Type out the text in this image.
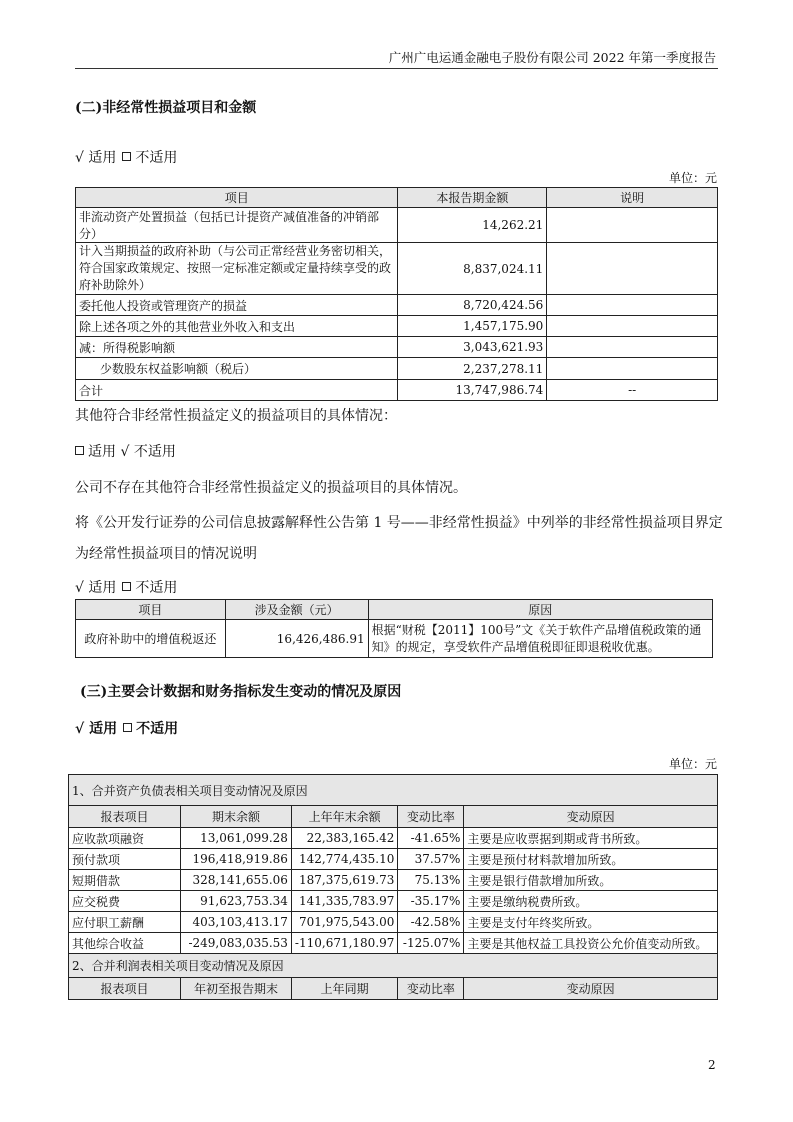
广州广电运通金融电子股份有限公司 2022 年第一季度报告
(二)非经常性损益项目和金额
√ 适用 不适用
单位：元
项目	本报告期金额	说明
非流动资产处置损益（包括已计提资产减值准备的冲销部分）	14,262.21	
计入当期损益的政府补助（与公司正常经营业务密切相关，符合国家政策规定、按照一定标准定额或定量持续享受的政府补助除外）	8,837,024.11	
委托他人投资或管理资产的损益	8,720,424.56	
除上述各项之外的其他营业外收入和支出	1,457,175.90	
减：所得税影响额	3,043,621.93	
少数股东权益影响额（税后）	2,237,278.11	
合计	13,747,986.74	--
其他符合非经常性损益定义的损益项目的具体情况：
适用 √ 不适用
公司不存在其他符合非经常性损益定义的损益项目的具体情况。
将《公开发行证券的公司信息披露解释性公告第 1 号——非经常性损益》中列举的非经常性损益项目界定
为经常性损益项目的情况说明
√ 适用 不适用
项目	涉及金额（元）	原因
政府补助中的增值税返还	16,426,486.91	根据“财税【2011】100号”文《关于软件产品增值税政策的通知》的规定，享受软件产品增值税即征即退税收优惠。
(三)主要会计数据和财务指标发生变动的情况及原因
√ 适用 不适用
单位：元
1、合并资产负债表相关项目变动情况及原因				
报表项目	期末余额	上年年末余额	变动比率	变动原因
应收款项融资	13,061,099.28	22,383,165.42	-41.65%	主要是应收票据到期或背书所致。
预付款项	196,418,919.86	142,774,435.10	37.57%	主要是预付材料款增加所致。
短期借款	328,141,655.06	187,375,619.73	75.13%	主要是银行借款增加所致。
应交税费	91,623,753.34	141,335,783.97	-35.17%	主要是缴纳税费所致。
应付职工薪酬	403,103,413.17	701,975,543.00	-42.58%	主要是支付年终奖所致。
其他综合收益	-249,083,035.53	-110,671,180.97	-125.07%	主要是其他权益工具投资公允价值变动所致。
2、合并利润表相关项目变动情况及原因				
报表项目	年初至报告期末	上年同期	变动比率	变动原因
2
